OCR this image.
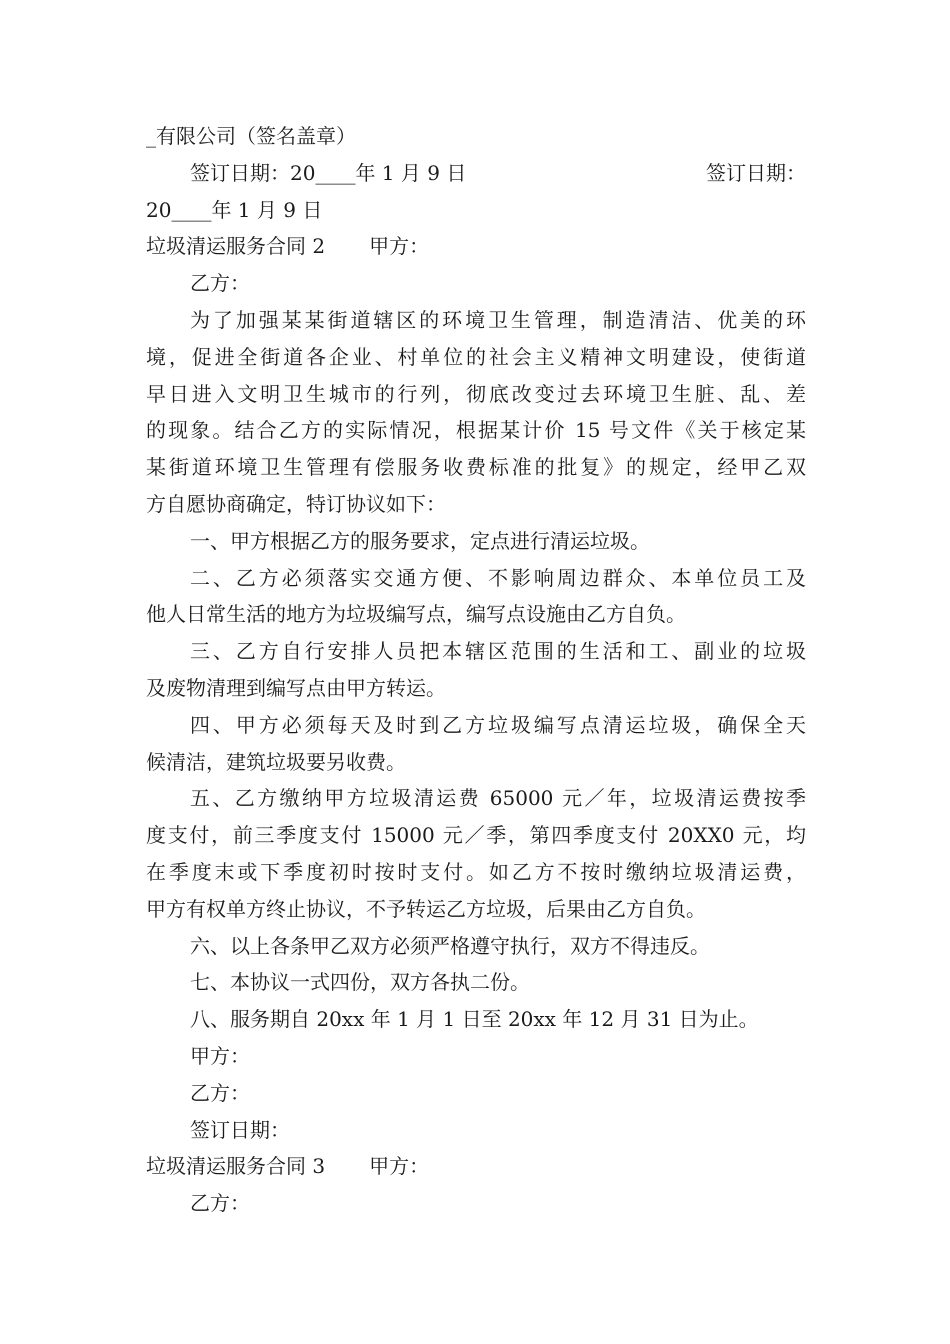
_有限公司（签名盖章）
签订日期：20____年 1 月 9 日	签订日期：
20____年 1 月 9 日
垃圾清运服务合同 2 甲方：
乙方：
为了加强某某街道辖区的环境卫生管理，制造清洁、优美的环
境，促进全街道各企业、村单位的社会主义精神文明建设，使街道
早日进入文明卫生城市的行列，彻底改变过去环境卫生脏、乱、差
的现象。结合乙方的实际情况，根据某计价 15 号文件《关于核定某
某街道环境卫生管理有偿服务收费标准的批复》的规定，经甲乙双
方自愿协商确定，特订协议如下：
一、甲方根据乙方的服务要求，定点进行清运垃圾。
二、乙方必须落实交通方便、不影响周边群众、本单位员工及
他人日常生活的地方为垃圾编写点，编写点设施由乙方自负。
三、乙方自行安排人员把本辖区范围的生活和工、副业的垃圾
及废物清理到编写点由甲方转运。
四、甲方必须每天及时到乙方垃圾编写点清运垃圾，确保全天
候清洁，建筑垃圾要另收费。
五、乙方缴纳甲方垃圾清运费 65000 元／年，垃圾清运费按季
度支付，前三季度支付 15000 元／季，第四季度支付 20XX0 元，均
在季度末或下季度初时按时支付。如乙方不按时缴纳垃圾清运费，
甲方有权单方终止协议，不予转运乙方垃圾，后果由乙方自负。
六、以上各条甲乙双方必须严格遵守执行，双方不得违反。
七、本协议一式四份，双方各执二份。
八、服务期自 20xx 年 1 月 1 日至 20xx 年 12 月 31 日为止。
甲方：
乙方：
签订日期：
垃圾清运服务合同 3 甲方：
乙方：
